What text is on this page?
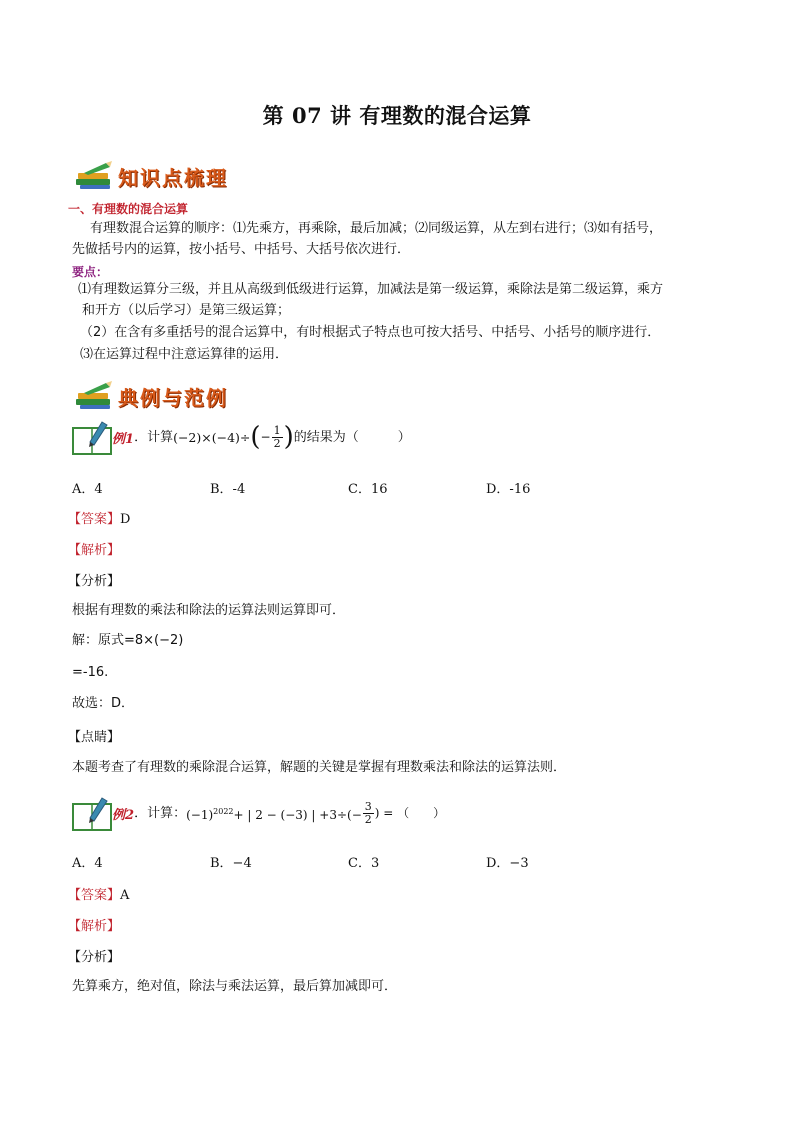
第 07 讲 有理数的混合运算
知识点梳理
一、有理数的混合运算
有理数混合运算的顺序：⑴先乘方，再乘除，最后加减；⑵同级运算，从左到右进行；⑶如有括号，
先做括号内的运算，按小括号、中括号、大括号依次进行．
要点：
⑴有理数运算分三级，并且从高级到低级进行运算，加减法是第一级运算，乘除法是第二级运算，乘方
和开方（以后学习）是第三级运算；
（2）在含有多重括号的混合运算中，有时根据式子特点也可按大括号、中括号、小括号的顺序进行．
⑶在运算过程中注意运算律的运用．
典例与范例
例1 ．计算 (−2)×(−4)÷ ( − $\frac{1}{2}$ ) 的结果为（　　　）
A．4	B．-4	C．16	D．-16
【答案】D
【解析】
【分析】
根据有理数的乘法和除法的运算法则运算即可．
解：原式=8×(−2)
=-16.
故选：D．
【点睛】
本题考查了有理数的乘除混合运算，解题的关键是掌握有理数乘法和除法的运算法则．
例2 ．计算： $(-1)^{2022}+$ | 2 − (−3) | $+3\div(- \frac{3}{2}$ ) = （　　）
A．4	B．−4	C．3	D．−3
【答案】A
【解析】
【分析】
先算乘方，绝对值，除法与乘法运算，最后算加减即可．
